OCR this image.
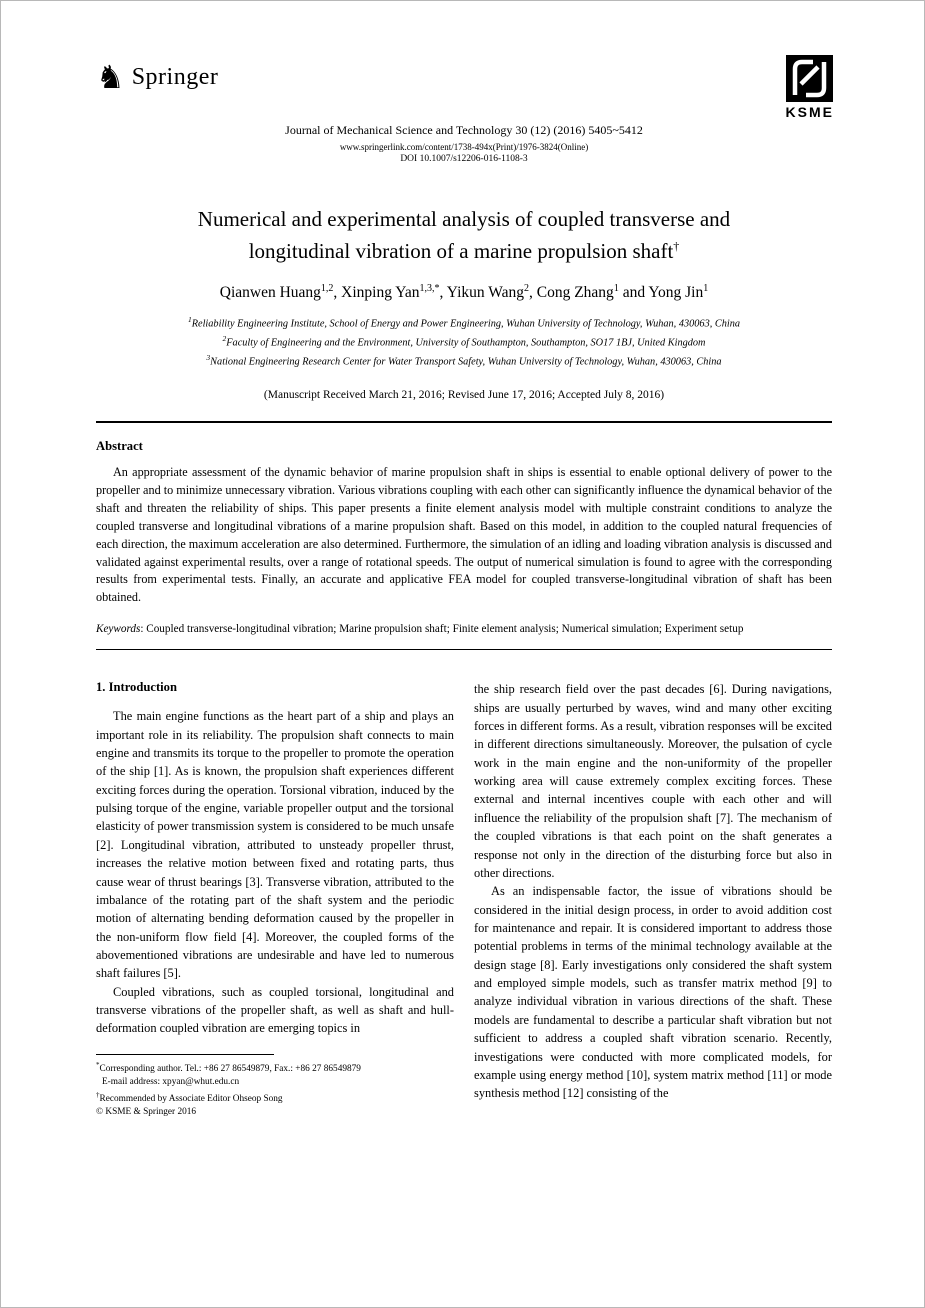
♞ Springer
KSME
Journal of Mechanical Science and Technology 30 (12) (2016) 5405~5412
www.springerlink.com/content/1738-494x(Print)/1976-3824(Online)
DOI 10.1007/s12206-016-1108-3
Numerical and experimental analysis of coupled transverse and
longitudinal vibration of a marine propulsion shaft†
Qianwen Huang$^{1,2}$, Xinping Yan$^{1,3,*}$, Yikun Wang$^2$, Cong Zhang$^1$ and Yong Jin$^1$
$^1$Reliability Engineering Institute, School of Energy and Power Engineering, Wuhan University of Technology, Wuhan, 430063, China
$^2$Faculty of Engineering and the Environment, University of Southampton, Southampton, SO17 1BJ, United Kingdom
$^3$National Engineering Research Center for Water Transport Safety, Wuhan University of Technology, Wuhan, 430063, China
(Manuscript Received March 21, 2016; Revised June 17, 2016; Accepted July 8, 2016)
Abstract

An appropriate assessment of the dynamic behavior of marine propulsion shaft in ships is essential to enable optional delivery of power to the propeller and to minimize unnecessary vibration. Various vibrations coupling with each other can significantly influence the dynamical behavior of the shaft and threaten the reliability of ships. This paper presents a finite element analysis model with multiple constraint conditions to analyze the coupled transverse and longitudinal vibrations of a marine propulsion shaft. Based on this model, in addition to the coupled natural frequencies of each direction, the maximum acceleration are also determined. Furthermore, the simulation of an idling and loading vibration analysis is discussed and validated against experimental results, over a range of rotational speeds. The output of numerical simulation is found to agree with the corresponding results from experimental tests. Finally, an accurate and applicative FEA model for coupled transverse-longitudinal vibration of shaft has been obtained.

Keywords: Coupled transverse-longitudinal vibration; Marine propulsion shaft; Finite element analysis; Numerical simulation; Experiment setup
1. Introduction

The main engine functions as the heart part of a ship and plays an important role in its reliability. The propulsion shaft connects to main engine and transmits its torque to the propeller to promote the operation of the ship [1]. As is known, the propulsion shaft experiences different exciting forces during the operation. Torsional vibration, induced by the pulsing torque of the engine, variable propeller output and the torsional elasticity of power transmission system is considered to be much unsafe [2]. Longitudinal vibration, attributed to unsteady propeller thrust, increases the relative motion between fixed and rotating parts, thus cause wear of thrust bearings [3]. Transverse vibration, attributed to the imbalance of the rotating part of the shaft system and the periodic motion of alternating bending deformation caused by the propeller in the non-uniform flow field [4]. Moreover, the coupled forms of the abovementioned vibrations are undesirable and have led to numerous shaft failures [5].

Coupled vibrations, such as coupled torsional, longitudinal and transverse vibrations of the propeller shaft, as well as shaft and hull-deformation coupled vibration are emerging topics in

*Corresponding author. Tel.: +86 27 86549879, Fax.: +86 27 86549879
E-mail address: xpyan@whut.edu.cn
†Recommended by Associate Editor Ohseop Song
© KSME & Springer 2016

the ship research field over the past decades [6]. During navigations, ships are usually perturbed by waves, wind and many other exciting forces in different forms. As a result, vibration responses will be excited in different directions simultaneously. Moreover, the pulsation of cycle work in the main engine and the non-uniformity of the propeller working area will cause extremely complex exciting forces. These external and internal incentives couple with each other and will influence the reliability of the propulsion shaft [7]. The mechanism of the coupled vibrations is that each point on the shaft generates a response not only in the direction of the disturbing force but also in other directions.

As an indispensable factor, the issue of vibrations should be considered in the initial design process, in order to avoid addition cost for maintenance and repair. It is considered important to address those potential problems in terms of the minimal technology available at the design stage [8]. Early investigations only considered the shaft system and employed simple models, such as transfer matrix method [9] to analyze individual vibration in various directions of the shaft. These models are fundamental to describe a particular shaft vibration but not sufficient to address a coupled shaft vibration scenario. Recently, investigations were conducted with more complicated models, for example using energy method [10], system matrix method [11] or mode synthesis method [12] consisting of the
